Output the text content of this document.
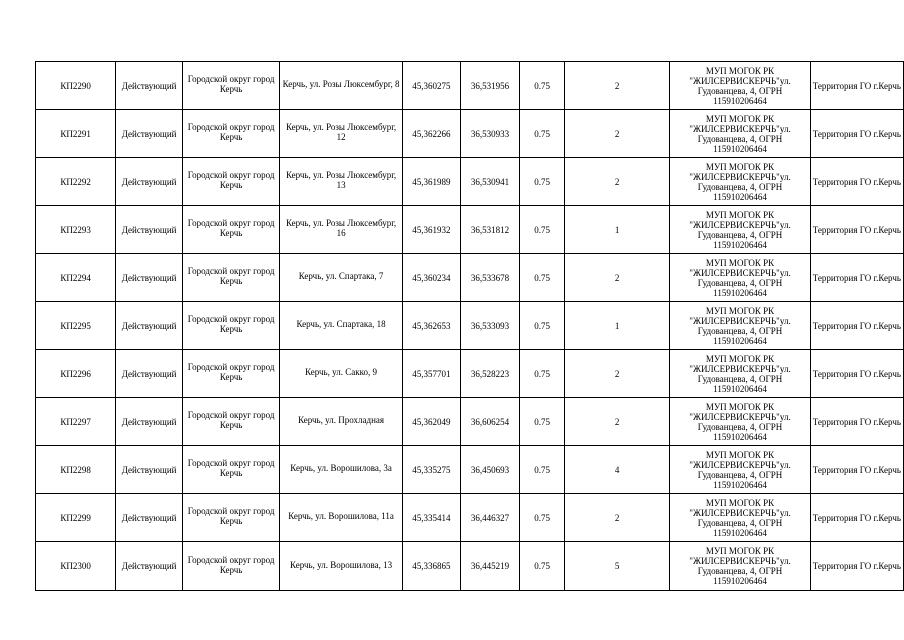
КП2290	Действующий	Городской округ город Керчь	Керчь, ул. Розы Люксембург, 8	45,360275	36,531956	0.75	2	МУП МОГОК РК "ЖИЛСЕРВИСКЕРЧЬ"ул. Гудованцева, 4, ОГРН 115910206464	Территория ГО г.Керчь
КП2291	Действующий	Городской округ город Керчь	Керчь, ул. Розы Люксембург, 12	45,362266	36,530933	0.75	2	МУП МОГОК РК "ЖИЛСЕРВИСКЕРЧЬ"ул. Гудованцева, 4, ОГРН 115910206464	Территория ГО г.Керчь
КП2292	Действующий	Городской округ город Керчь	Керчь, ул. Розы Люксембург, 13	45,361989	36,530941	0.75	2	МУП МОГОК РК "ЖИЛСЕРВИСКЕРЧЬ"ул. Гудованцева, 4, ОГРН 115910206464	Территория ГО г.Керчь
КП2293	Действующий	Городской округ город Керчь	Керчь, ул. Розы Люксембург, 16	45,361932	36,531812	0.75	1	МУП МОГОК РК "ЖИЛСЕРВИСКЕРЧЬ"ул. Гудованцева, 4, ОГРН 115910206464	Территория ГО г.Керчь
КП2294	Действующий	Городской округ город Керчь	Керчь, ул. Спартака, 7	45,360234	36,533678	0.75	2	МУП МОГОК РК "ЖИЛСЕРВИСКЕРЧЬ"ул. Гудованцева, 4, ОГРН 115910206464	Территория ГО г.Керчь
КП2295	Действующий	Городской округ город Керчь	Керчь, ул. Спартака, 18	45,362653	36,533093	0.75	1	МУП МОГОК РК "ЖИЛСЕРВИСКЕРЧЬ"ул. Гудованцева, 4, ОГРН 115910206464	Территория ГО г.Керчь
КП2296	Действующий	Городской округ город Керчь	Керчь, ул. Сакко, 9	45,357701	36,528223	0.75	2	МУП МОГОК РК "ЖИЛСЕРВИСКЕРЧЬ"ул. Гудованцева, 4, ОГРН 115910206464	Территория ГО г.Керчь
КП2297	Действующий	Городской округ город Керчь	Керчь, ул. Прохладная	45,362049	36,606254	0.75	2	МУП МОГОК РК "ЖИЛСЕРВИСКЕРЧЬ"ул. Гудованцева, 4, ОГРН 115910206464	Территория ГО г.Керчь
КП2298	Действующий	Городской округ город Керчь	Керчь, ул. Ворошилова, 3а	45,335275	36,450693	0.75	4	МУП МОГОК РК "ЖИЛСЕРВИСКЕРЧЬ"ул. Гудованцева, 4, ОГРН 115910206464	Территория ГО г.Керчь
КП2299	Действующий	Городской округ город Керчь	Керчь, ул. Ворошилова, 11а	45,335414	36,446327	0.75	2	МУП МОГОК РК "ЖИЛСЕРВИСКЕРЧЬ"ул. Гудованцева, 4, ОГРН 115910206464	Территория ГО г.Керчь
КП2300	Действующий	Городской округ город Керчь	Керчь, ул. Ворошилова, 13	45,336865	36,445219	0.75	5	МУП МОГОК РК "ЖИЛСЕРВИСКЕРЧЬ"ул. Гудованцева, 4, ОГРН 115910206464	Территория ГО г.Керчь
